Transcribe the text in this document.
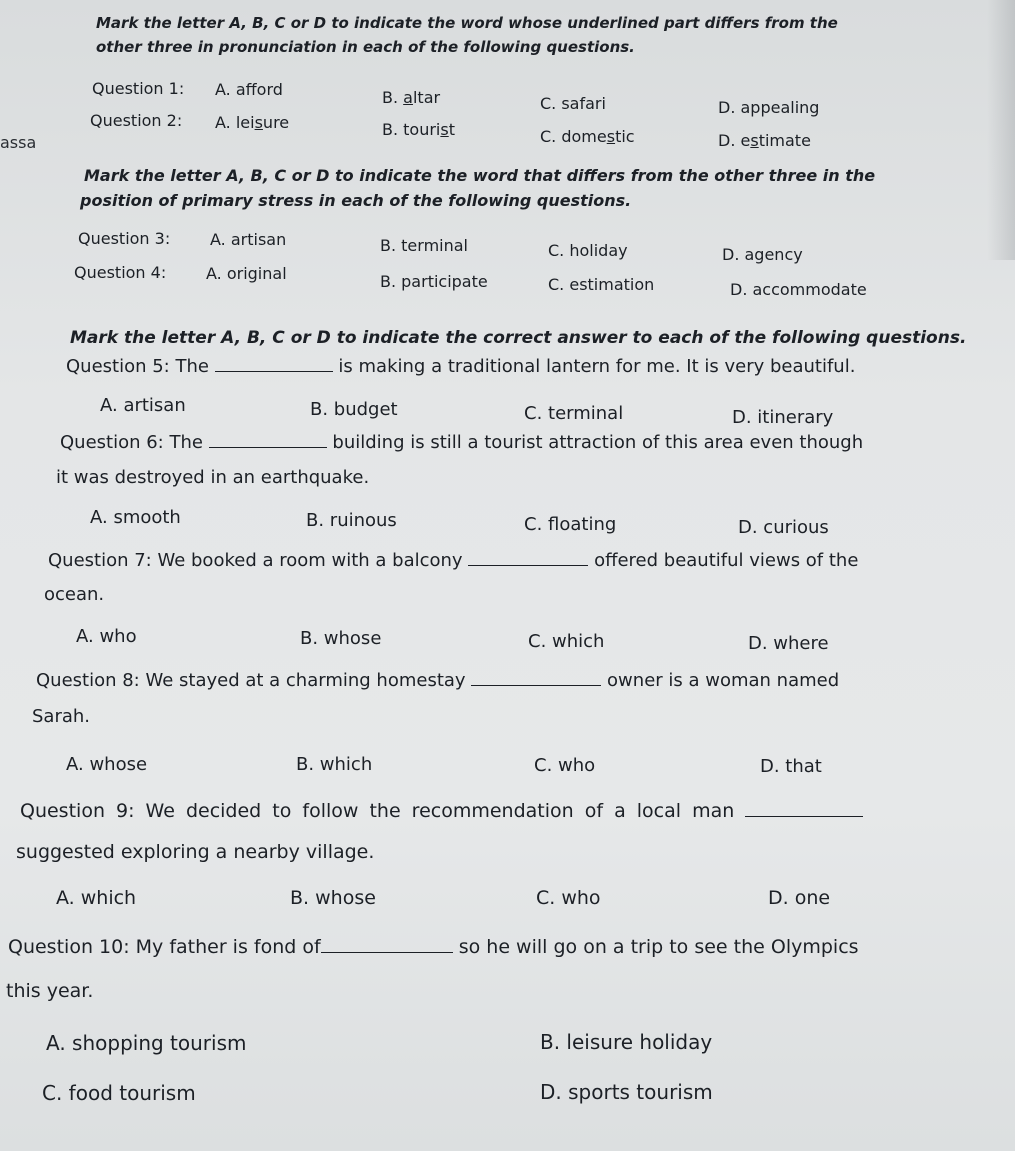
assa
Mark the letter A, B, C or D to indicate the word whose underlined part differs from the
other three in pronunciation in each of the following questions.
Question 1: A. afford	B. altar	C. safari	D. appealing
Question 2: A. leisure	B. tourist	C. domestic	D. estimate
Mark the letter A, B, C or D to indicate the word that differs from the other three in the
position of primary stress in each of the following questions.
Question 3: A. artisan	B. terminal	C. holiday	D. agency
Question 4: A. original	B. participate	C. estimation	D. accommodate
Mark the letter A, B, C or D to indicate the correct answer to each of the following questions.
Question 5: The	is making a traditional lantern for me. It is very beautiful.
A. artisan	B. budget	C. terminal	D. itinerary
Question 6: The	building is still a tourist attraction of this area even though
it was destroyed in an earthquake.
A. smooth	B. ruinous	C. floating	D. curious
Question 7: We booked a room with a balcony	offered beautiful views of the
ocean.
A. who	B. whose	C. which	D. where
Question 8: We stayed at a charming homestay	owner is a woman named
Sarah.
A. whose	B. which	C. who	D. that
Question 9: We decided to follow the recommendation of a local man
suggested exploring a nearby village.
A. which	B. whose	C. who	D. one
Question 10: My father is fond of	so he will go on a trip to see the Olympics
this year.
A. shopping tourism	B. leisure holiday
C. food tourism	D. sports tourism
